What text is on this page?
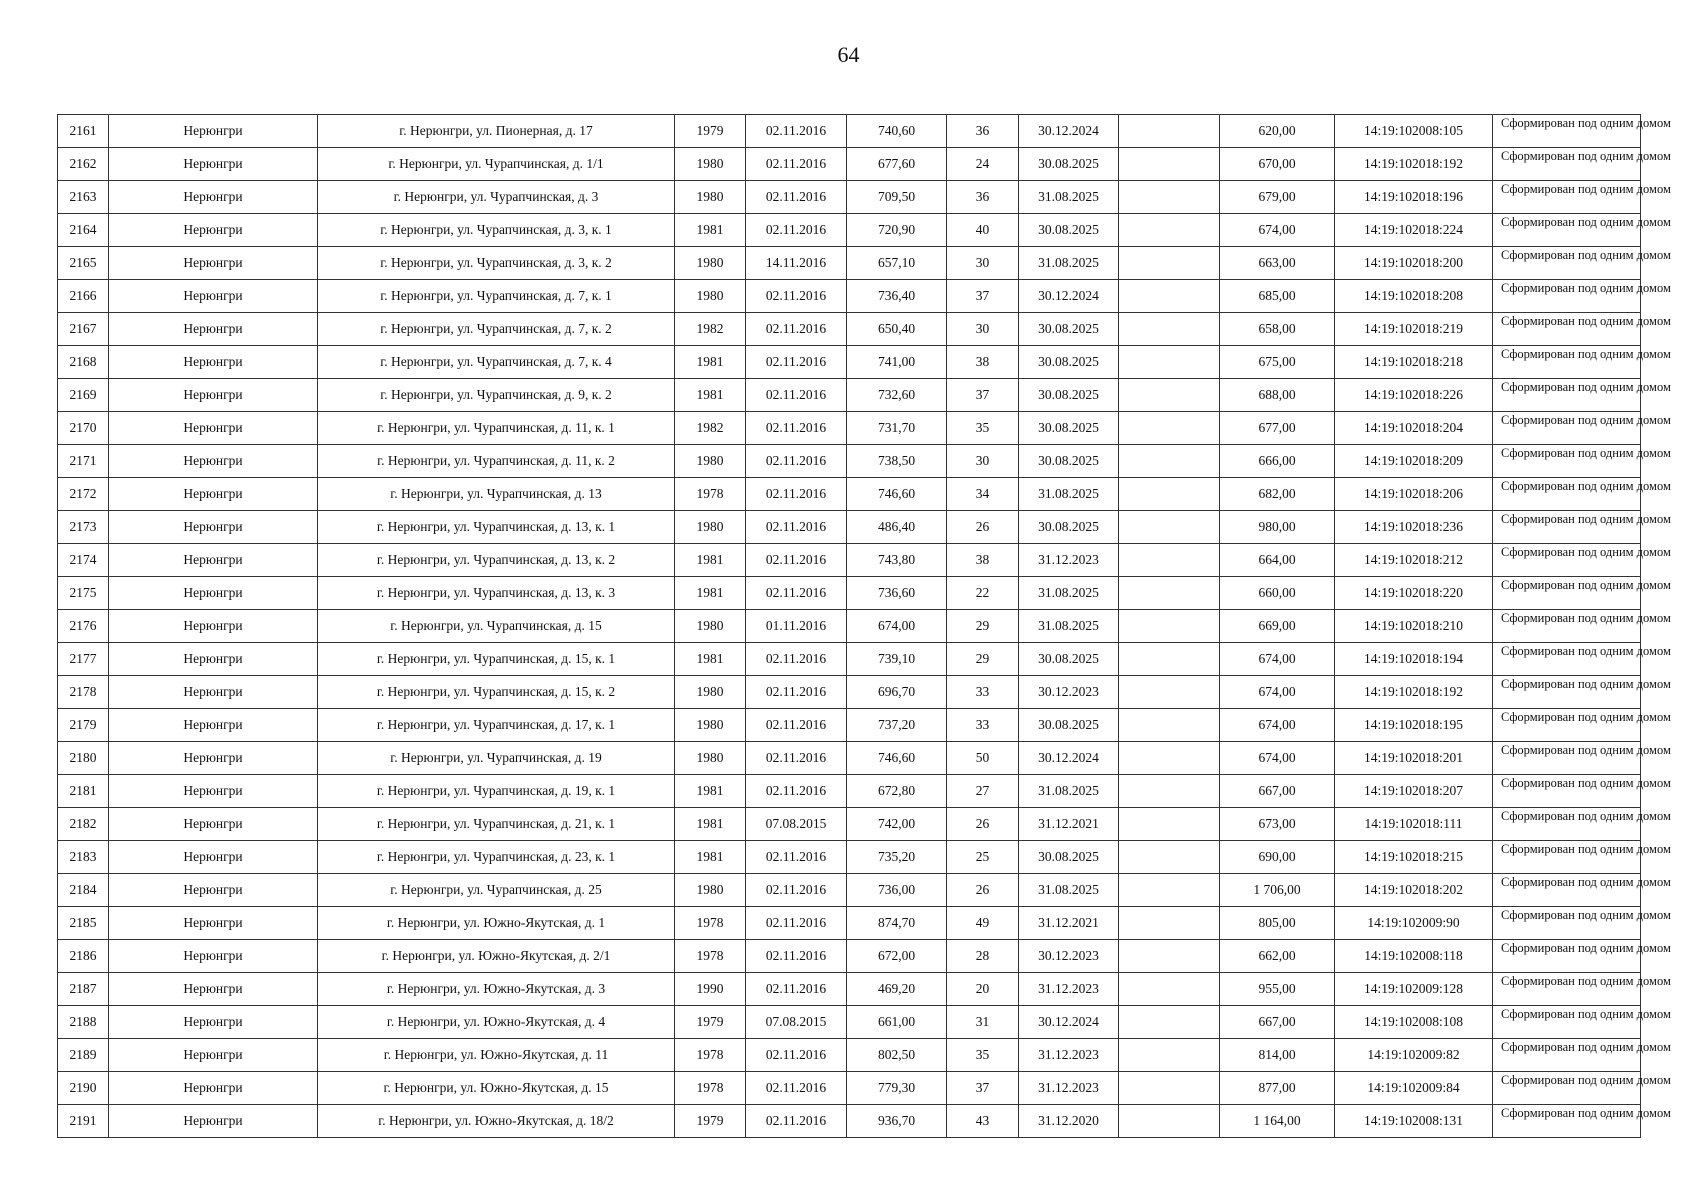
64
2161	Нерюнгри	г. Нерюнгри, ул. Пионерная, д. 17	1979	02.11.2016	740,60	36	30.12.2024		620,00	14:19:102008:105	Сформирован под одним домом

2162	Нерюнгри	г. Нерюнгри, ул. Чурапчинская, д. 1/1	1980	02.11.2016	677,60	24	30.08.2025		670,00	14:19:102018:192	Сформирован под одним домом

2163	Нерюнгри	г. Нерюнгри, ул. Чурапчинская, д. 3	1980	02.11.2016	709,50	36	31.08.2025		679,00	14:19:102018:196	Сформирован под одним домом

2164	Нерюнгри	г. Нерюнгри, ул. Чурапчинская, д. 3, к. 1	1981	02.11.2016	720,90	40	30.08.2025		674,00	14:19:102018:224	Сформирован под одним домом

2165	Нерюнгри	г. Нерюнгри, ул. Чурапчинская, д. 3, к. 2	1980	14.11.2016	657,10	30	31.08.2025		663,00	14:19:102018:200	Сформирован под одним домом

2166	Нерюнгри	г. Нерюнгри, ул. Чурапчинская, д. 7, к. 1	1980	02.11.2016	736,40	37	30.12.2024		685,00	14:19:102018:208	Сформирован под одним домом

2167	Нерюнгри	г. Нерюнгри, ул. Чурапчинская, д. 7, к. 2	1982	02.11.2016	650,40	30	30.08.2025		658,00	14:19:102018:219	Сформирован под одним домом

2168	Нерюнгри	г. Нерюнгри, ул. Чурапчинская, д. 7, к. 4	1981	02.11.2016	741,00	38	30.08.2025		675,00	14:19:102018:218	Сформирован под одним домом

2169	Нерюнгри	г. Нерюнгри, ул. Чурапчинская, д. 9, к. 2	1981	02.11.2016	732,60	37	30.08.2025		688,00	14:19:102018:226	Сформирован под одним домом

2170	Нерюнгри	г. Нерюнгри, ул. Чурапчинская, д. 11, к. 1	1982	02.11.2016	731,70	35	30.08.2025		677,00	14:19:102018:204	Сформирован под одним домом

2171	Нерюнгри	г. Нерюнгри, ул. Чурапчинская, д. 11, к. 2	1980	02.11.2016	738,50	30	30.08.2025		666,00	14:19:102018:209	Сформирован под одним домом

2172	Нерюнгри	г. Нерюнгри, ул. Чурапчинская, д. 13	1978	02.11.2016	746,60	34	31.08.2025		682,00	14:19:102018:206	Сформирован под одним домом

2173	Нерюнгри	г. Нерюнгри, ул. Чурапчинская, д. 13, к. 1	1980	02.11.2016	486,40	26	30.08.2025		980,00	14:19:102018:236	Сформирован под одним домом

2174	Нерюнгри	г. Нерюнгри, ул. Чурапчинская, д. 13, к. 2	1981	02.11.2016	743,80	38	31.12.2023		664,00	14:19:102018:212	Сформирован под одним домом

2175	Нерюнгри	г. Нерюнгри, ул. Чурапчинская, д. 13, к. 3	1981	02.11.2016	736,60	22	31.08.2025		660,00	14:19:102018:220	Сформирован под одним домом

2176	Нерюнгри	г. Нерюнгри, ул. Чурапчинская, д. 15	1980	01.11.2016	674,00	29	31.08.2025		669,00	14:19:102018:210	Сформирован под одним домом

2177	Нерюнгри	г. Нерюнгри, ул. Чурапчинская, д. 15, к. 1	1981	02.11.2016	739,10	29	30.08.2025		674,00	14:19:102018:194	Сформирован под одним домом

2178	Нерюнгри	г. Нерюнгри, ул. Чурапчинская, д. 15, к. 2	1980	02.11.2016	696,70	33	30.12.2023		674,00	14:19:102018:192	Сформирован под одним домом

2179	Нерюнгри	г. Нерюнгри, ул. Чурапчинская, д. 17, к. 1	1980	02.11.2016	737,20	33	30.08.2025		674,00	14:19:102018:195	Сформирован под одним домом

2180	Нерюнгри	г. Нерюнгри, ул. Чурапчинская, д. 19	1980	02.11.2016	746,60	50	30.12.2024		674,00	14:19:102018:201	Сформирован под одним домом

2181	Нерюнгри	г. Нерюнгри, ул. Чурапчинская, д. 19, к. 1	1981	02.11.2016	672,80	27	31.08.2025		667,00	14:19:102018:207	Сформирован под одним домом

2182	Нерюнгри	г. Нерюнгри, ул. Чурапчинская, д. 21, к. 1	1981	07.08.2015	742,00	26	31.12.2021		673,00	14:19:102018:111	Сформирован под одним домом

2183	Нерюнгри	г. Нерюнгри, ул. Чурапчинская, д. 23, к. 1	1981	02.11.2016	735,20	25	30.08.2025		690,00	14:19:102018:215	Сформирован под одним домом

2184	Нерюнгри	г. Нерюнгри, ул. Чурапчинская, д. 25	1980	02.11.2016	736,00	26	31.08.2025		1 706,00	14:19:102018:202	Сформирован под одним домом

2185	Нерюнгри	г. Нерюнгри, ул. Южно-Якутская, д. 1	1978	02.11.2016	874,70	49	31.12.2021		805,00	14:19:102009:90	Сформирован под одним домом

2186	Нерюнгри	г. Нерюнгри, ул. Южно-Якутская, д. 2/1	1978	02.11.2016	672,00	28	30.12.2023		662,00	14:19:102008:118	Сформирован под одним домом

2187	Нерюнгри	г. Нерюнгри, ул. Южно-Якутская, д. 3	1990	02.11.2016	469,20	20	31.12.2023		955,00	14:19:102009:128	Сформирован под одним домом

2188	Нерюнгри	г. Нерюнгри, ул. Южно-Якутская, д. 4	1979	07.08.2015	661,00	31	30.12.2024		667,00	14:19:102008:108	Сформирован под одним домом

2189	Нерюнгри	г. Нерюнгри, ул. Южно-Якутская, д. 11	1978	02.11.2016	802,50	35	31.12.2023		814,00	14:19:102009:82	Сформирован под одним домом

2190	Нерюнгри	г. Нерюнгри, ул. Южно-Якутская, д. 15	1978	02.11.2016	779,30	37	31.12.2023		877,00	14:19:102009:84	Сформирован под одним домом

2191	Нерюнгри	г. Нерюнгри, ул. Южно-Якутская, д. 18/2	1979	02.11.2016	936,70	43	31.12.2020		1 164,00	14:19:102008:131	Сформирован под одним домом
